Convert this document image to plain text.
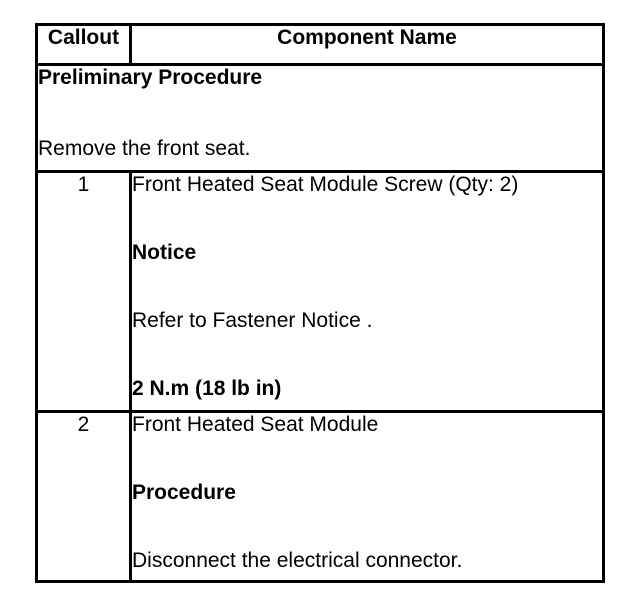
Callout	Component Name

Preliminary Procedure
Remove the front seat.	

1	Front Heated Seat Module Screw (Qty: 2)
Notice
Refer to Fastener Notice .
2 N.m (18 lb in)

2	Front Heated Seat Module
Procedure
Disconnect the electrical connector.
